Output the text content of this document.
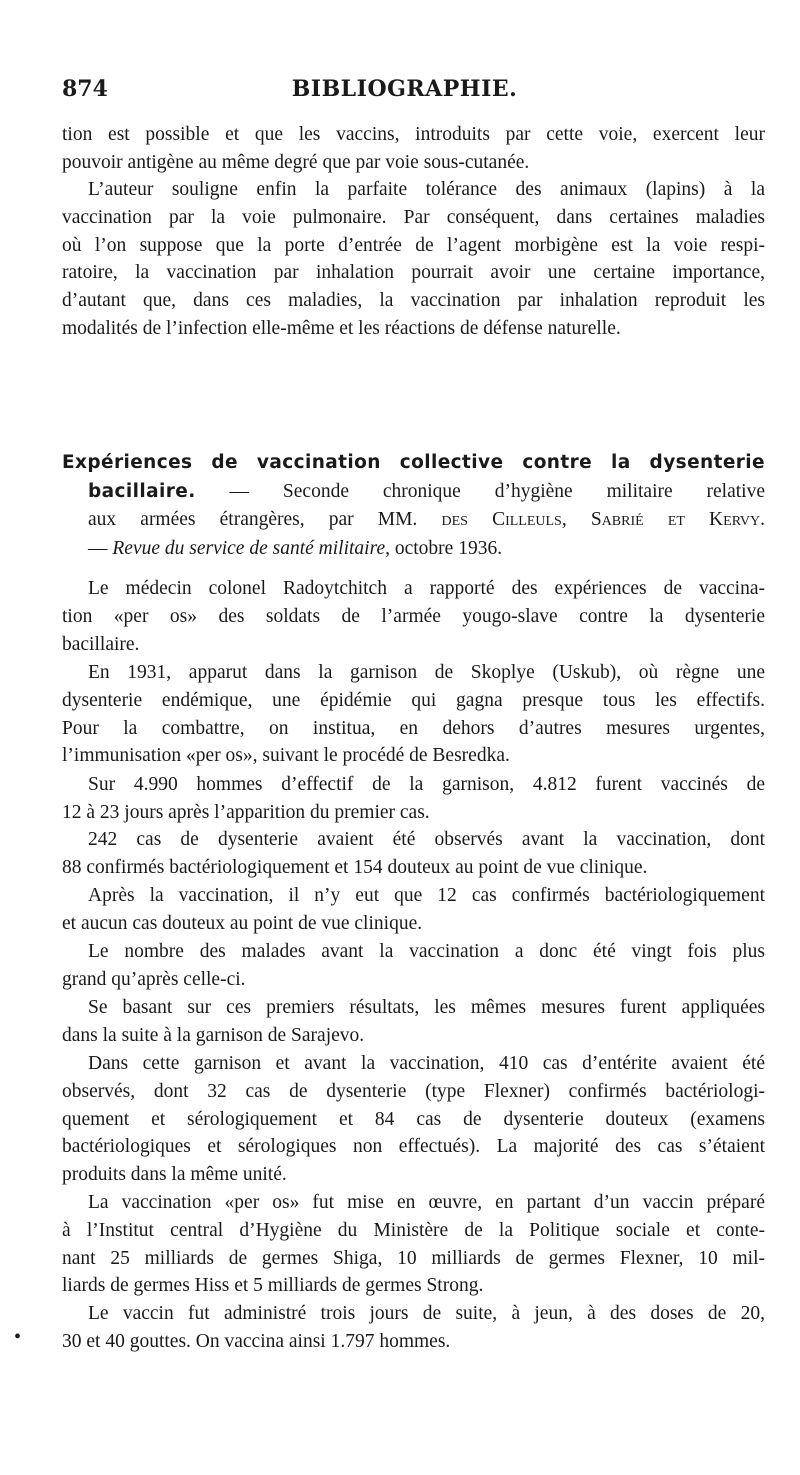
874	BIBLIOGRAPHIE.
tion est possible et que les vaccins, introduits par cette voie, exercent leur
pouvoir antigène au même degré que par voie sous-cutanée.
L’auteur souligne enfin la parfaite tolérance des animaux (lapins) à la
vaccination par la voie pulmonaire. Par conséquent, dans certaines maladies
où l’on suppose que la porte d’entrée de l’agent morbigène est la voie respi-
ratoire, la vaccination par inhalation pourrait avoir une certaine importance,
d’autant que, dans ces maladies, la vaccination par inhalation reproduit les
modalités de l’infection elle-même et les réactions de défense naturelle.
Expériences de vaccination collective contre la dysenterie
bacillaire. — Seconde chronique d’hygiène militaire relative
aux armées étrangères, par MM. des Cilleuls, Sabrié et Kervy.
— Revue du service de santé militaire, octobre 1936.
Le médecin colonel Radoytchitch a rapporté des expériences de vaccina-
tion «per os» des soldats de l’armée yougo-slave contre la dysenterie
bacillaire.
En 1931, apparut dans la garnison de Skoplye (Uskub), où règne une
dysenterie endémique, une épidémie qui gagna presque tous les effectifs.
Pour la combattre, on institua, en dehors d’autres mesures urgentes,
l’immunisation «per os», suivant le procédé de Besredka.
Sur 4.990 hommes d’effectif de la garnison, 4.812 furent vaccinés de
12 à 23 jours après l’apparition du premier cas.
242 cas de dysenterie avaient été observés avant la vaccination, dont
88 confirmés bactériologiquement et 154 douteux au point de vue clinique.
Après la vaccination, il n’y eut que 12 cas confirmés bactériologiquement
et aucun cas douteux au point de vue clinique.
Le nombre des malades avant la vaccination a donc été vingt fois plus
grand qu’après celle-ci.
Se basant sur ces premiers résultats, les mêmes mesures furent appliquées
dans la suite à la garnison de Sarajevo.
Dans cette garnison et avant la vaccination, 410 cas d’entérite avaient été
observés, dont 32 cas de dysenterie (type Flexner) confirmés bactériologi-
quement et sérologiquement et 84 cas de dysenterie douteux (examens
bactériologiques et sérologiques non effectués). La majorité des cas s’étaient
produits dans la même unité.
La vaccination «per os» fut mise en œuvre, en partant d’un vaccin préparé
à l’Institut central d’Hygiène du Ministère de la Politique sociale et conte-
nant 25 milliards de germes Shiga, 10 milliards de germes Flexner, 10 mil-
liards de germes Hiss et 5 milliards de germes Strong.
Le vaccin fut administré trois jours de suite, à jeun, à des doses de 20,
30 et 40 gouttes. On vaccina ainsi 1.797 hommes.
•
